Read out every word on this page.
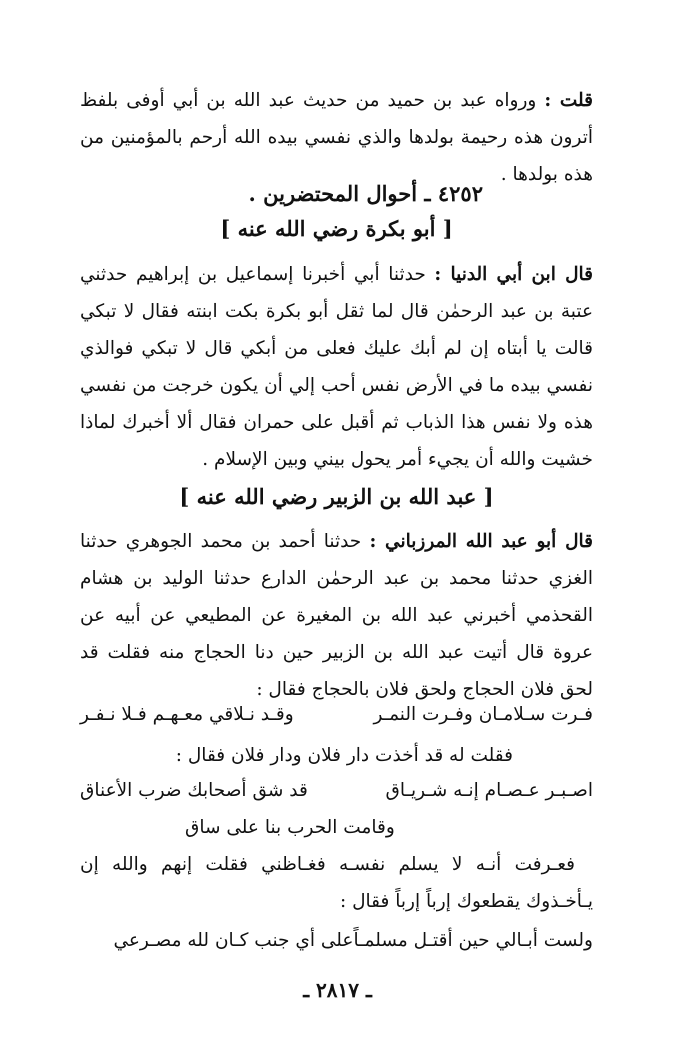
قلت : ورواه عبد بن حميد من حديث عبد الله بن أبي أوفى بلفظ أترون هذه رحيمة بولدها والذي نفسي بيده الله أرحم بالمؤمنين من هذه بولدها .

٤٢٥٢ ـ أحوال المحتضرين .
[ أبو بكرة رضي الله عنه ]

قال ابن أبي الدنيا : حدثنا أبي أخبرنا إسماعيل بن إبراهيم حدثني عتبة بن عبد الرحمٰن قال لما ثقل أبو بكرة بكت ابنته فقال لا تبكي قالت يا أبتاه إن لم أبك عليك فعلى من أبكي قال لا تبكي فوالذي نفسي بيده ما في الأرض نفس أحب إلي أن يكون خرجت من نفسي هذه ولا نفس هذا الذباب ثم أقبل على حمران فقال ألا أخبرك لماذا خشيت والله أن يجيء أمر يحول بيني وبين الإسلام .

[ عبد الله بن الزبير رضي الله عنه ]

قال أبو عبد الله المرزباني : حدثنا أحمد بن محمد الجوهري حدثنا الغزي حدثنا محمد بن عبد الرحمٰن الدارع حدثنا الوليد بن هشام القحذمي أخبرني عبد الله بن المغيرة عن المطيعي عن أبيه عن عروة قال أتيت عبد الله بن الزبير حين دنا الحجاج منه فقلت قد لحق فلان الحجاج ولحق فلان بالحجاج فقال :

فـرت سـلامـان وفـرت النمـر
وقـد نـلاقي معـهـم فـلا نـفـر

فقلت له قد أخذت دار فلان ودار فلان فقال :

اصـبـر عـصـام إنـه شـريـاق
قد شق أصحابك ضرب الأعناق
وقامت الحرب بنا على ساق

فعـرفت أنـه لا يسلم نفسـه فغـاظني فقلت إنهم والله إن يـأخـذوك يقطعوك إرباً إرباً فقال :

ولست أبـالي حين أقتـل مسلمـاً
على أي جنب كـان لله مصـرعي
ـ ٢٨١٧ ـ
